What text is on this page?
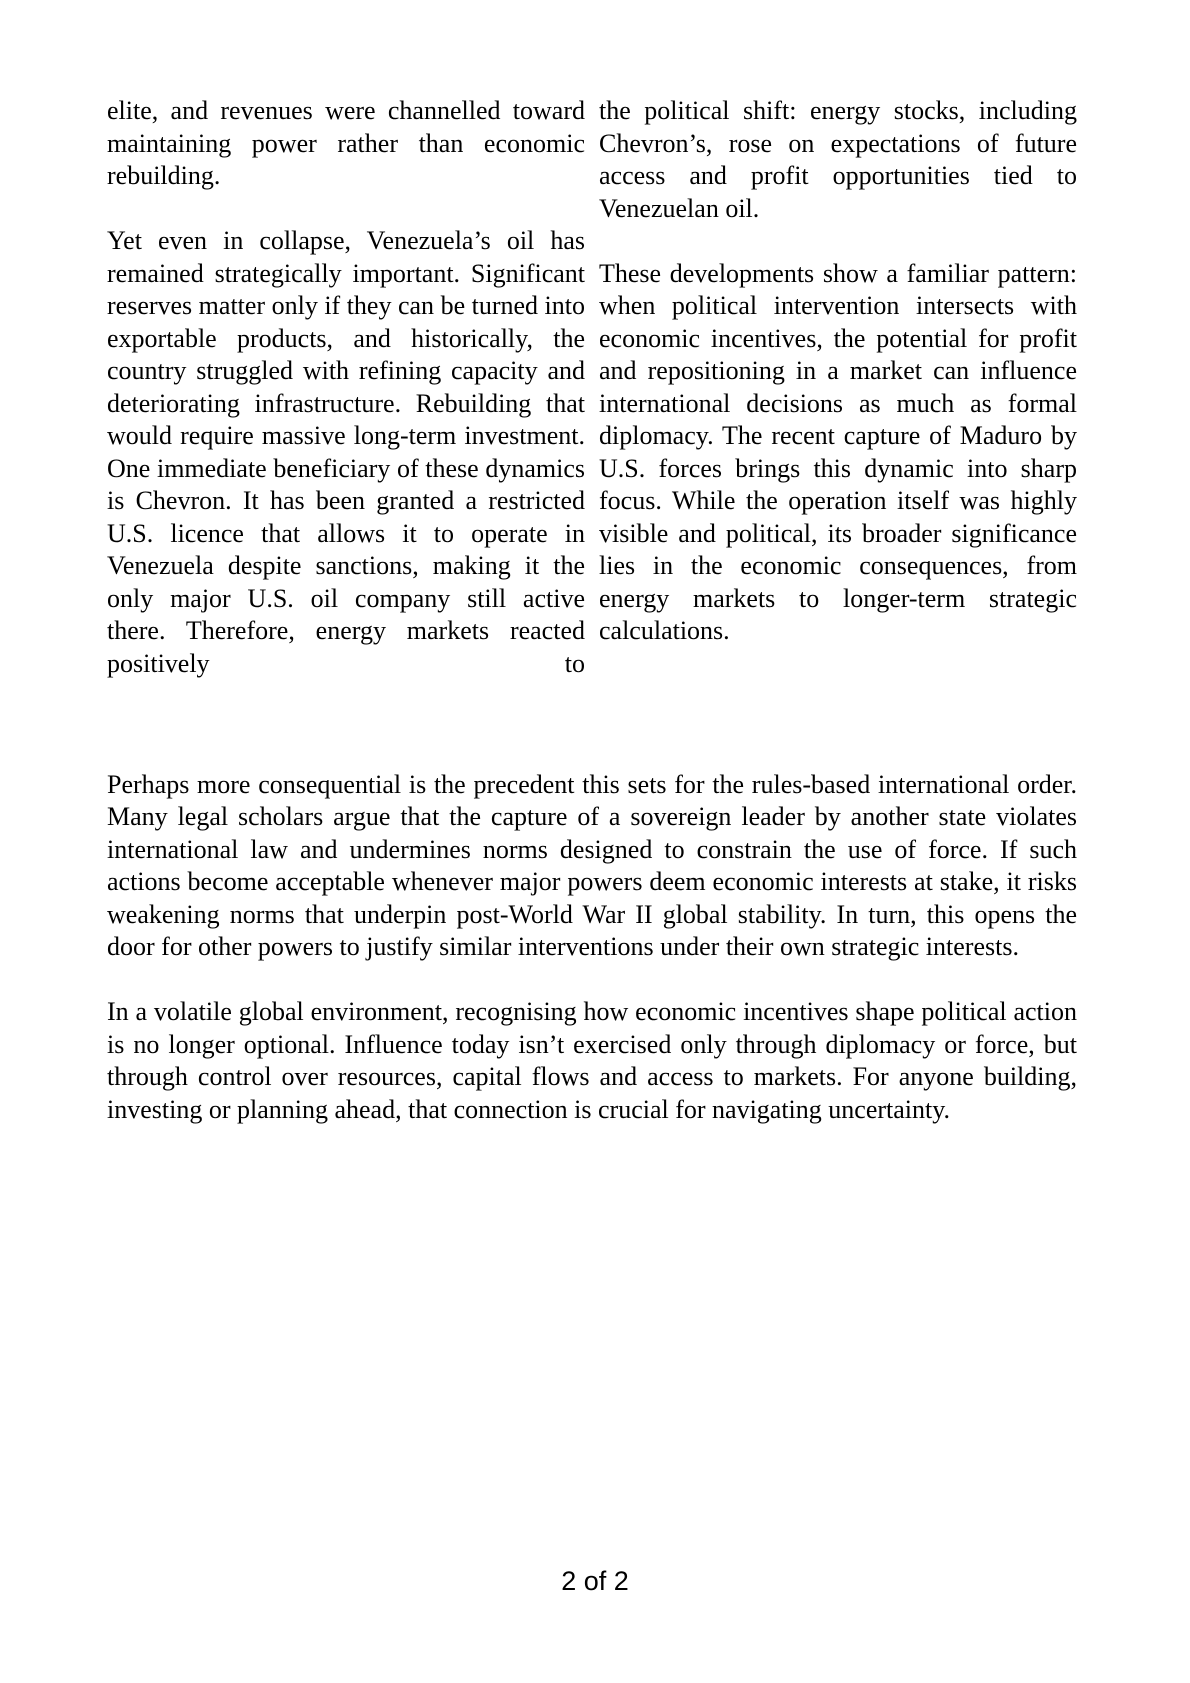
elite, and revenues were channelled toward maintaining power rather than economic rebuilding.

Yet even in collapse, Venezuela’s oil has remained strategically important. Significant reserves matter only if they can be turned into exportable products, and historically, the country struggled with refining capacity and deteriorating infrastructure. Rebuilding that would require massive long-term investment. One immediate beneficiary of these dynamics is Chevron. It has been granted a restricted U.S. licence that allows it to operate in Venezuela despite sanctions, making it the only major U.S. oil company still active there. Therefore, energy markets reacted positively to

the political shift: energy stocks, including Chevron’s, rose on expectations of future access and profit opportunities tied to Venezuelan oil.

These developments show a familiar pattern: when political intervention intersects with economic incentives, the potential for profit and repositioning in a market can influence international decisions as much as formal diplomacy. The recent capture of Maduro by U.S. forces brings this dynamic into sharp focus. While the operation itself was highly visible and political, its broader significance lies in the economic consequences, from energy markets to longer-term strategic calculations.

Perhaps more consequential is the precedent this sets for the rules-based international order. Many legal scholars argue that the capture of a sovereign leader by another state violates international law and undermines norms designed to constrain the use of force. If such actions become acceptable whenever major powers deem economic interests at stake, it risks weakening norms that underpin post-World War II global stability. In turn, this opens the door for other powers to justify similar interventions under their own strategic interests.

In a volatile global environment, recognising how economic incentives shape political action is no longer optional. Influence today isn’t exercised only through diplomacy or force, but through control over resources, capital flows and access to markets. For anyone building, investing or planning ahead, that connection is crucial for navigating uncertainty.

2 of 2
